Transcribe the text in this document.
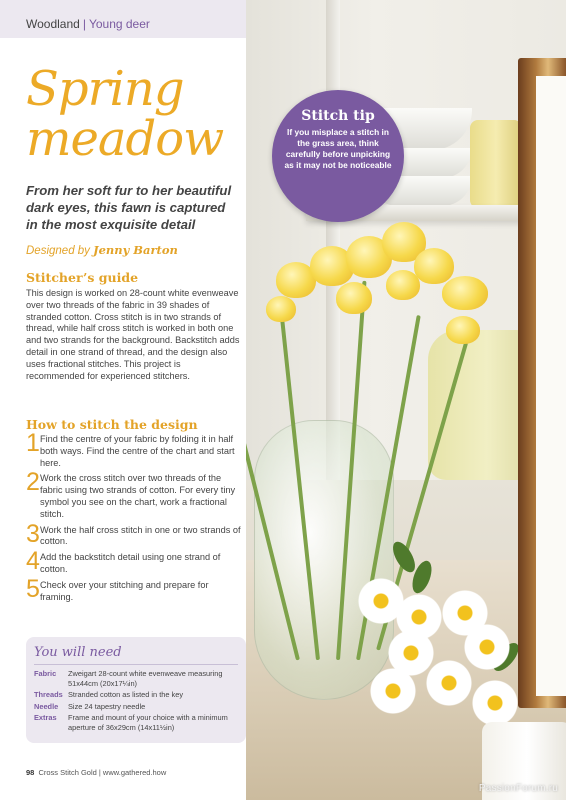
PassionForum.ru
Stitch tip
If you misplace a stitch in the grass area, think carefully before unpicking as it may not be noticeable
Woodland | Young deer
Spring
meadow
From her soft fur to her beautiful dark eyes, this fawn is captured in the most exquisite detail
Designed by Jenny Barton
Stitcher’s guide
This design is worked on 28-count white evenweave over two threads of the fabric in 39 shades of stranded cotton. Cross stitch is in two strands of thread, while half cross stitch is worked in both one and two strands for the background. Backstitch adds detail in one strand of thread, and the design also uses fractional stitches. This project is recommended for experienced stitchers.
How to stitch the design
1 Find the centre of your fabric by folding it in half both ways. Find the centre of the chart and start here.
2 Work the cross stitch over two threads of the fabric using two strands of cotton. For every tiny symbol you see on the chart, work a fractional stitch.
3 Work the half cross stitch in one or two strands of cotton.
4 Add the backstitch detail using one strand of cotton.
5 Check over your stitching and prepare for framing.
You will need
Fabric	Zweigart 28-count white evenweave measuring 51x44cm (20x17¼in)
Threads Stranded cotton as listed in the key
Needle	Size 24 tapestry needle
Extras	Frame and mount of your choice with a minimum aperture of 36x29cm (14x11½in)
98 Cross Stitch Gold | www.gathered.how
